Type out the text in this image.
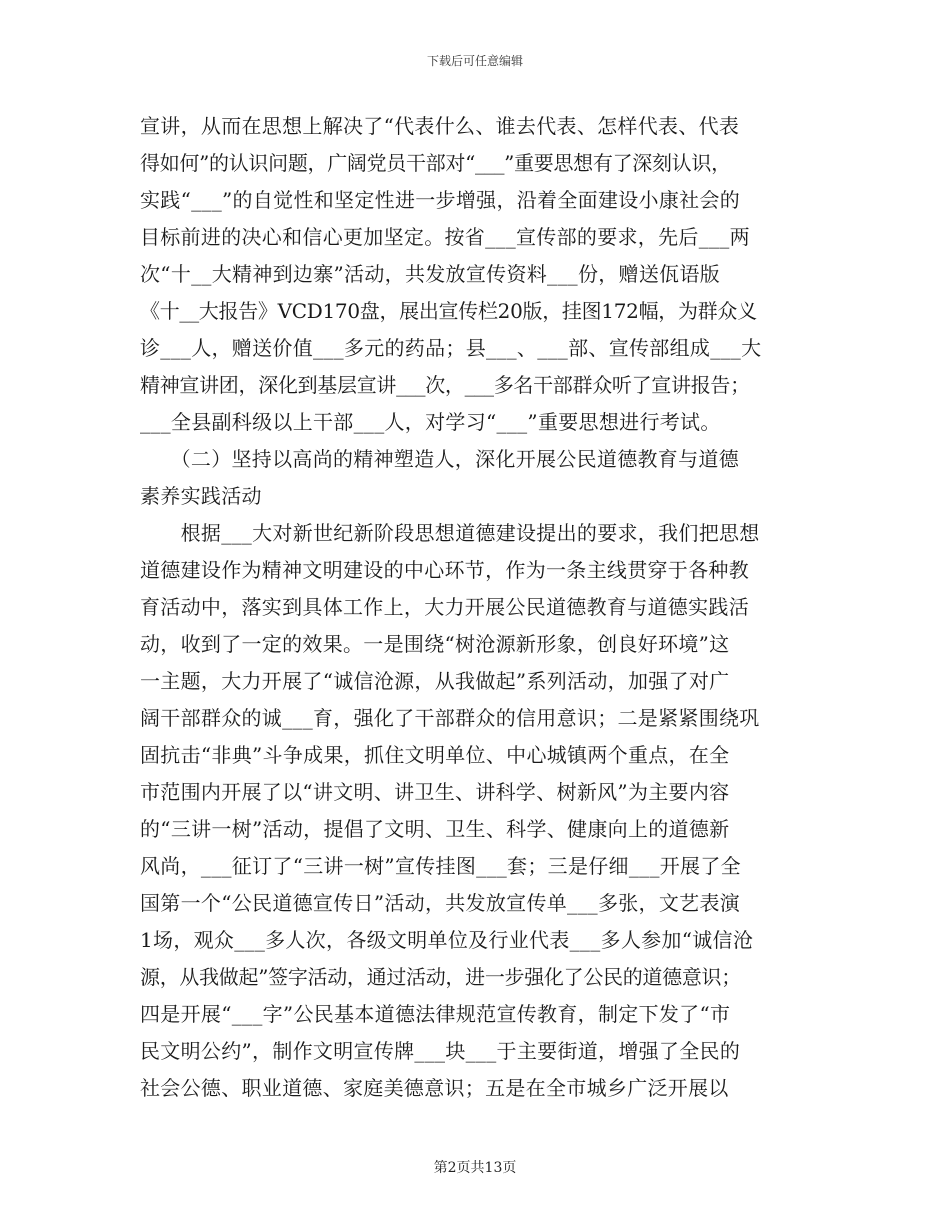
下载后可任意编辑
宣讲，从而在思想上解决了“代表什么、谁去代表、怎样代表、代表
得如何”的认识问题，广阔党员干部对“___”重要思想有了深刻认识，
实践“___”的自觉性和坚定性进一步增强，沿着全面建设小康社会的
目标前进的决心和信心更加坚定。按省___宣传部的要求，先后___两
次“十__大精神到边寨”活动，共发放宣传资料___份，赠送佤语版
《十__大报告》VCD170盘，展出宣传栏20版，挂图172幅，为群众义
诊___人，赠送价值___多元的药品；县___、___部、宣传部组成___大
精神宣讲团，深化到基层宣讲___次，___多名干部群众听了宣讲报告；
___全县副科级以上干部___人，对学习“___”重要思想进行考试。
　　（二）坚持以高尚的精神塑造人，深化开展公民道德教育与道德
素养实践活动
　　根据___大对新世纪新阶段思想道德建设提出的要求，我们把思想
道德建设作为精神文明建设的中心环节，作为一条主线贯穿于各种教
育活动中，落实到具体工作上，大力开展公民道德教育与道德实践活
动，收到了一定的效果。一是围绕“树沧源新形象，创良好环境”这
一主题，大力开展了“诚信沧源，从我做起”系列活动，加强了对广
阔干部群众的诚___育，强化了干部群众的信用意识；二是紧紧围绕巩
固抗击“非典”斗争成果，抓住文明单位、中心城镇两个重点，在全
市范围内开展了以“讲文明、讲卫生、讲科学、树新风”为主要内容
的“三讲一树”活动，提倡了文明、卫生、科学、健康向上的道德新
风尚，___征订了“三讲一树”宣传挂图___套；三是仔细___开展了全
国第一个“公民道德宣传日”活动，共发放宣传单___多张，文艺表演
1场，观众___多人次，各级文明单位及行业代表___多人参加“诚信沧
源，从我做起”签字活动，通过活动，进一步强化了公民的道德意识；
四是开展“___字”公民基本道德法律规范宣传教育，制定下发了“市
民文明公约”，制作文明宣传牌___块___于主要街道，增强了全民的
社会公德、职业道德、家庭美德意识；五是在全市城乡广泛开展以
第2页共13页
